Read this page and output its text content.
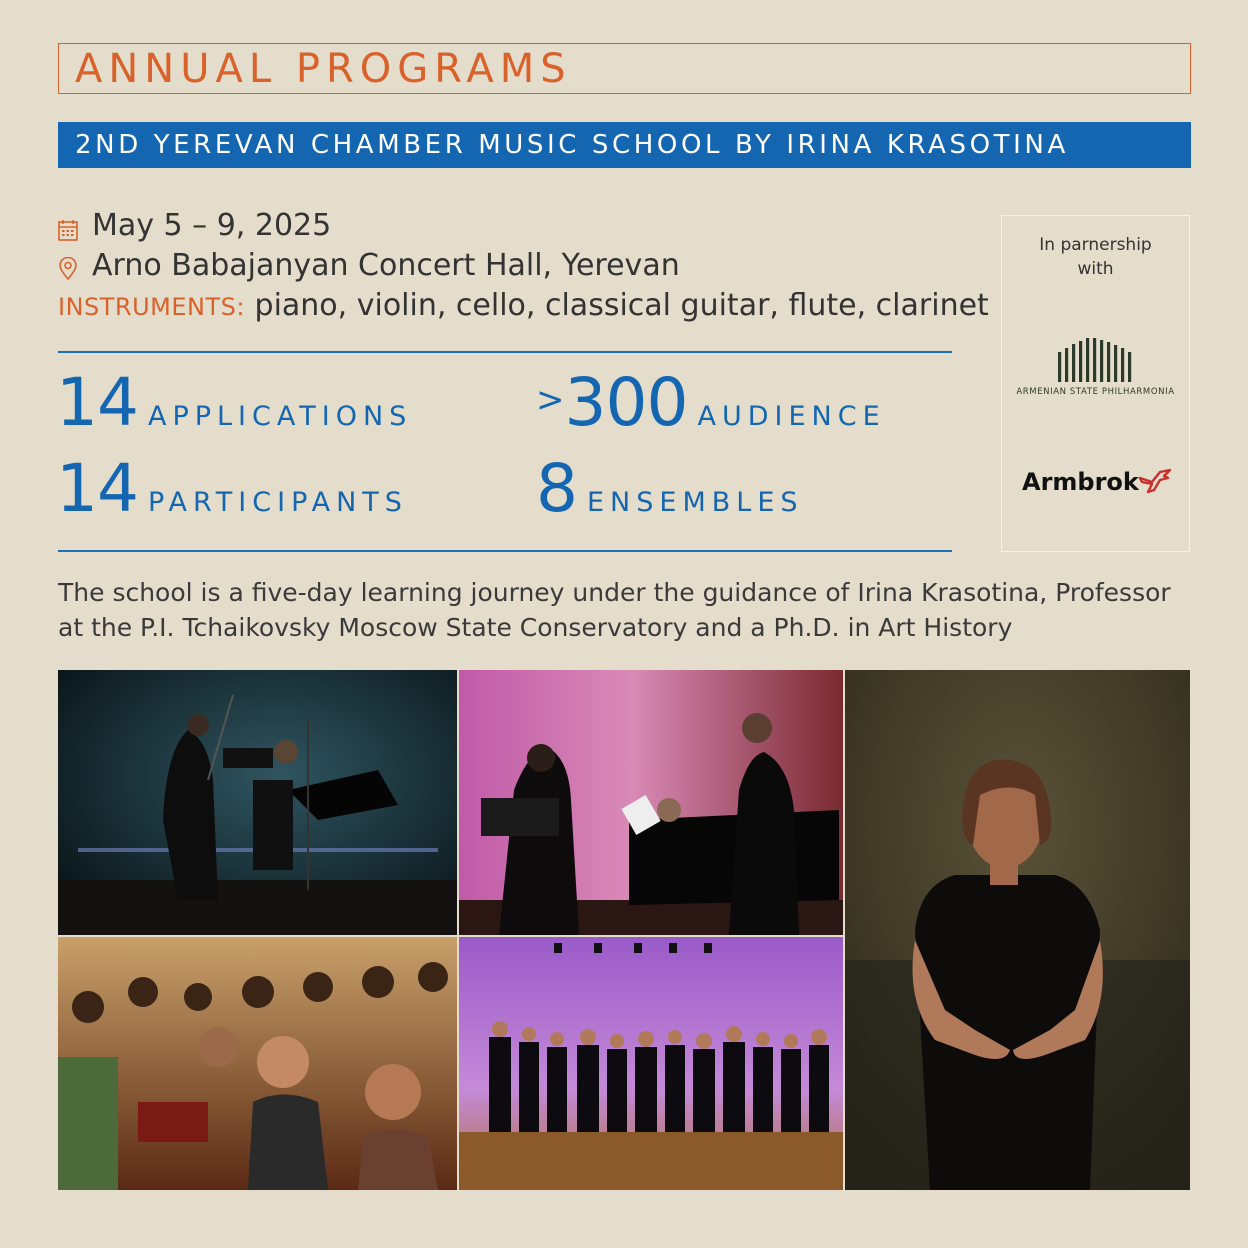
ANNUAL PROGRAMS
2ND YEREVAN CHAMBER MUSIC SCHOOL BY IRINA KRASOTINA
May 5 – 9, 2025
Arno Babajanyan Concert Hall, Yerevan
INSTRUMENTS: piano, violin, cello, classical guitar, flute, clarinet
14 APPLICATIONS	>300 AUDIENCE
14 PARTICIPANTS 8 ENSEMBLES
In parnership with
ARMENIAN STATE PHILHARMONIA
Armbrok
The school is a five-day learning journey under the guidance of Irina Krasotina, Professor at the P.I. Tchaikovsky Moscow State Conservatory and a Ph.D. in Art History
